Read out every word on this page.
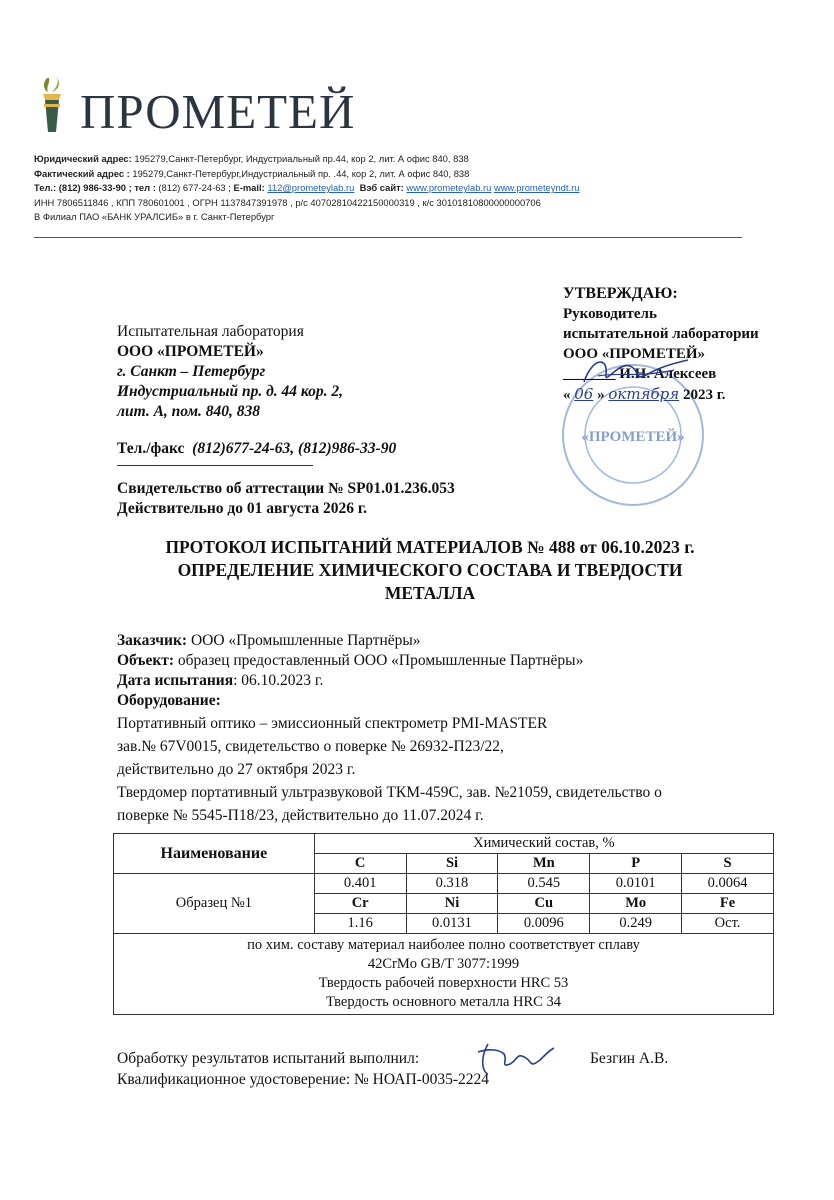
ПРОМЕТЕЙ
Юридический адрес: 195279,Санкт-Петербург, Индустриальный пр.44, кор 2, лит. А офис 840, 838
Фактический адрес : 195279,Санкт-Петербург,Индустриальный пр. .44, кор 2, лит. А офис 840, 838
Тел.: (812) 986-33-90 ; тел : (812) 677-24-63 ; E-mail: 112@prometeylab.ru Вэб сайт: www.prometeylab.ru www.prometeyndt.ru
ИНН 7806511846 , КПП 780601001 , ОГРН 1137847391978 , р/с 40702810422150000319 , к/с 30101810800000000706
В Филиал ПАО «БАНК УРАЛСИБ» в г. Санкт-Петербург
Испытательная лаборатория
ООО «ПРОМЕТЕЙ»
г. Санкт – Петербург
Индустриальный пр. д. 44 кор. 2,
лит. А, пом. 840, 838
Тел./факс (812)677-24-63, (812)986-33-90
Свидетельство об аттестации № SP01.01.236.053
Действительно до 01 августа 2026 г.
«ПРОМЕТЕЙ»
УТВЕРЖДАЮ:
Руководитель
испытательной лаборатории
ООО «ПРОМЕТЕЙ»
_______ И.Н. Алексеев
« 06 » октября 2023 г.
ПРОТОКОЛ ИСПЫТАНИЙ МАТЕРИАЛОВ № 488 от 06.10.2023 г.
ОПРЕДЕЛЕНИЕ ХИМИЧЕСКОГО СОСТАВА И ТВЕРДОСТИ
МЕТАЛЛА
Заказчик: ООО «Промышленные Партнёры»
Объект: образец предоставленный ООО «Промышленные Партнёры»
Дата испытания: 06.10.2023 г.
Оборудование:
Портативный оптико – эмиссионный спектрометр PMI-MASTER
зав.№ 67V0015, свидетельство о поверке № 26932-П23/22,
действительно до 27 октября 2023 г.
Твердомер портативный ультразвуковой ТКМ-459С, зав. №21059, свидетельство о
поверке № 5545-П18/23, действительно до 11.07.2024 г.
Наименование	Химический состав, %				
	C	Si	Mn	P	S
Образец №1	0.401	0.318	0.545	0.0101	0.0064
	Cr	Ni	Cu	Mo	Fe
	1.16	0.0131	0.0096	0.249	Ост.

по хим. составу материал наиболее полно соответствует сплаву
42CrMo GB/T 3077:1999
Твердость рабочей поверхности HRC 53
Твердость основного металла HRC 34					
Обработку результатов испытаний выполнил:
Квалификационное удостоверение: № НОАП-0035-2224
Безгин А.В.
